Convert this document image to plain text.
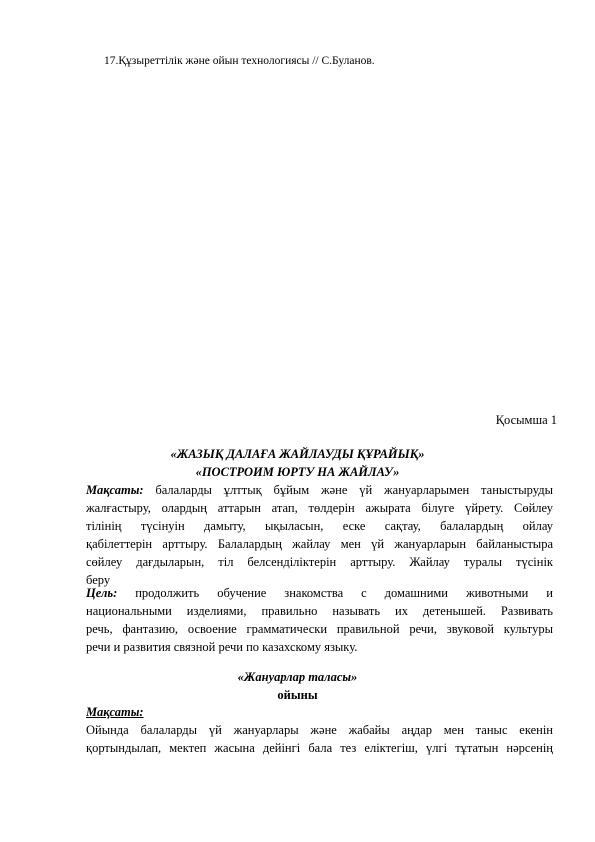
17.Құзыреттілік және ойын технологиясы // С.Буланов.
Қосымша 1
«ЖАЗЫҚ ДАЛАҒА ЖАЙЛАУДЫ ҚҰРАЙЫҚ»
«ПОСТРОИМ ЮРТУ НА ЖАЙЛАУ»
Мақсаты: балаларды ұлттық бұйым және үй жануарларымен таныстыруды
жалғастыру, олардың аттарын атап, төлдерін ажырата білуге үйрету. Сөйлеу
тілінің түсінуін дамыту, ықыласын, еске сақтау, балалардың ойлау
қабілеттерін арттыру. Балалардың жайлау мен үй жануарларын байланыстыра
сөйлеу дағдыларын, тіл белсенділіктерін арттыру. Жайлау туралы түсінік
беру
Цель: продолжить обучение знакомства с домашними животными и
национальными изделиями, правильно называть их детенышей. Развивать
речь, фантазию, освоение грамматически правильной речи, звуковой культуры
речи и развития связной речи по казахскому языку.
«Жануарлар таласы»
ойыны
Мақсаты:
Ойында балаларды үй жануарлары және жабайы аңдар мен таныс екенін
қортындылап, мектеп жасына дейінгі бала тез еліктегіш, үлгі тұтатын нәрсенің
